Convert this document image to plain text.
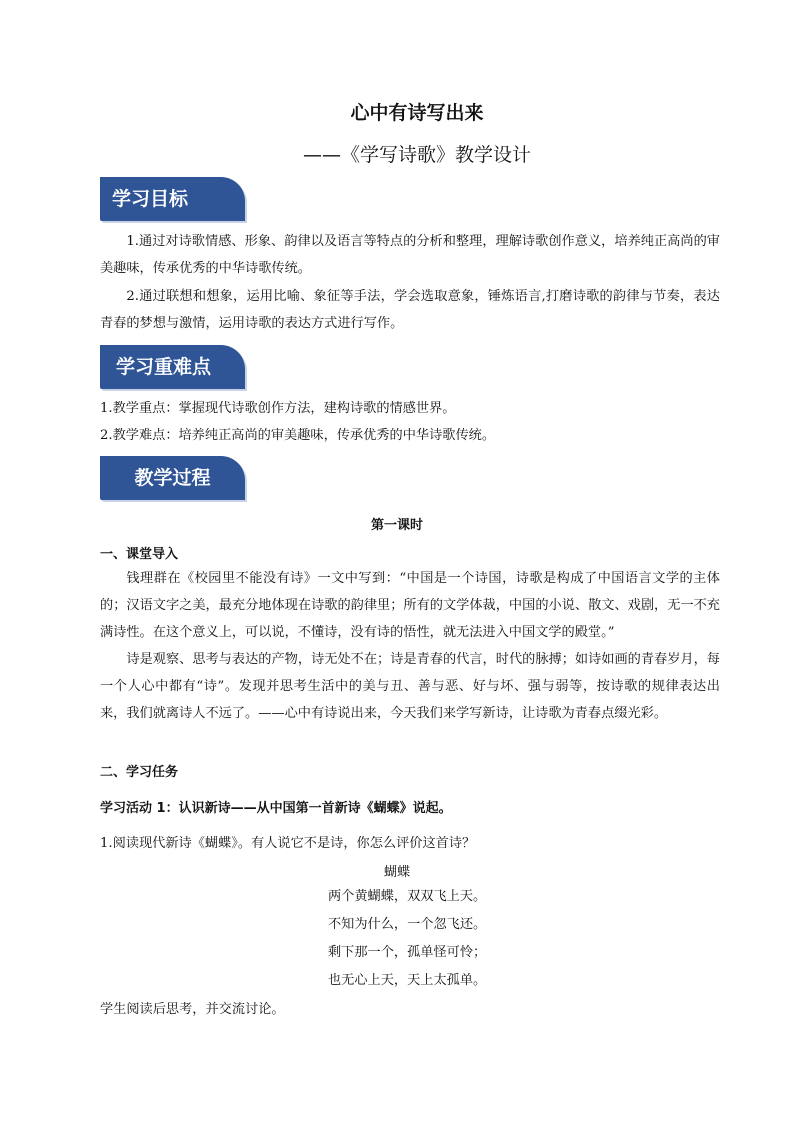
心中有诗写出来
——《学写诗歌》教学设计
学习目标
1.通过对诗歌情感、形象、韵律以及语言等特点的分析和整理，理解诗歌创作意义，培养纯正高尚的审美趣味，传承优秀的中华诗歌传统。
2.通过联想和想象，运用比喻、象征等手法，学会选取意象，锤炼语言,打磨诗歌的韵律与节奏，表达青春的梦想与激情，运用诗歌的表达方式进行写作。
学习重难点
1.教学重点：掌握现代诗歌创作方法，建构诗歌的情感世界。
2.教学难点：培养纯正高尚的审美趣味，传承优秀的中华诗歌传统。
教学过程
第一课时
一、课堂导入
钱理群在《校园里不能没有诗》一文中写到：“中国是一个诗国，诗歌是构成了中国语言文学的主体的；汉语文字之美，最充分地体现在诗歌的韵律里；所有的文学体裁，中国的小说、散文、戏剧，无一不充满诗性。在这个意义上，可以说，不懂诗，没有诗的悟性，就无法进入中国文学的殿堂。”
诗是观察、思考与表达的产物，诗无处不在；诗是青春的代言，时代的脉搏；如诗如画的青春岁月，每一个人心中都有“诗”。发现并思考生活中的美与丑、善与恶、好与坏、强与弱等，按诗歌的规律表达出来，我们就离诗人不远了。——心中有诗说出来，今天我们来学写新诗，让诗歌为青春点缀光彩。
二、学习任务
学习活动 1：认识新诗——从中国第一首新诗《蝴蝶》说起。
1.阅读现代新诗《蝴蝶》。有人说它不是诗，你怎么评价这首诗？
蝴蝶
两个黄蝴蝶，双双飞上天。
不知为什么，一个忽飞还。
剩下那一个，孤单怪可怜；
也无心上天，天上太孤单。
学生阅读后思考，并交流讨论。
